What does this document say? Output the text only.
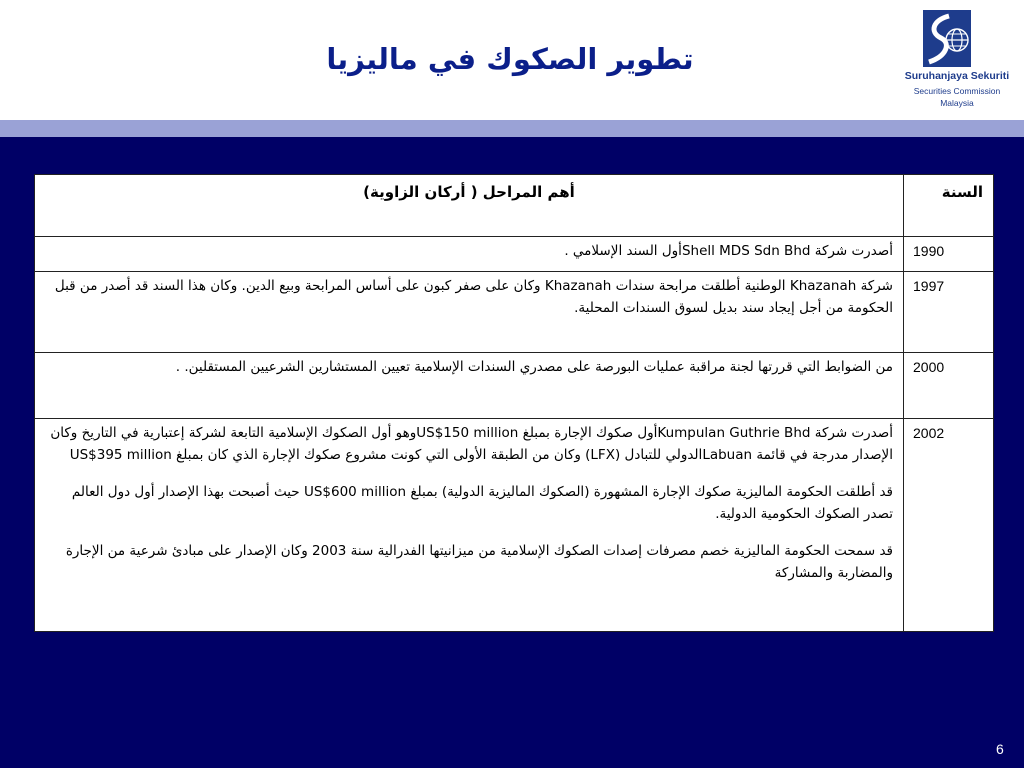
تطوير الصكوك في ماليزيا	Suruhanjaya Sekuriti
Securities Commission
Malaysia
السنة	أهم المراحل ( أركان الزاوية)
1990	أصدرت شركة Shell MDS Sdn Bhdأول السند الإسلامي .

1997	شركة Khazanah الوطنية أطلقت مرابحة سندات Khazanah وكان على صفر كبون على أساس المرابحة وبيع الدين. وكان هذا السند قد أصدر من قبل الحكومة من أجل إيجاد سند بديل لسوق السندات المحلية.

2000	من الضوابط التي قررتها لجنة مراقبة عمليات البورصة على مصدري السندات الإسلامية تعيين المستشارين الشرعيين المستقلين. .

2002	أصدرت شركة Kumpulan Guthrie Bhdأول صكوك الإجارة بمبلغ US$150 millionوهو أول الصكوك الإسلامية التابعة لشركة إعتبارية في التاريخ وكان الإصدار مدرجة في قائمة Labuanالدولي للتبادل (LFX) وكان من الطبقة الأولى التي كونت مشروع صكوك الإجارة الذي كان بمبلغ US$395 million

قد أطلقت الحكومة الماليزية صكوك الإجارة المشهورة (الصكوك الماليزية الدولية) بمبلغ US$600 million حيث أصبحت بهذا الإصدار أول دول العالم تصدر الصكوك الحكومية الدولية.

قد سمحت الحكومة الماليزية خصم مصرفات إصدات الصكوك الإسلامية من ميزانيتها الفدرالية سنة 2003 وكان الإصدار على مبادئ شرعية من الإجارة والمضاربة والمشاركة

6
